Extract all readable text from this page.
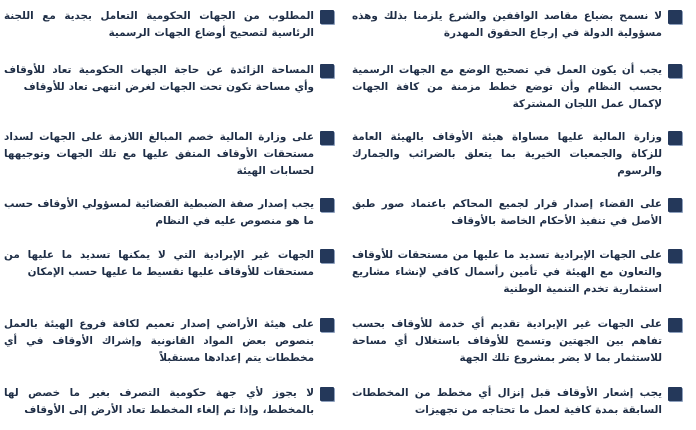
لا نسمح بضياع مقاصد الواقفين والشرع يلزمنا بذلك وهذه مسؤولية الدولة في إرجاع الحقوق المهدرة
يجب أن يكون العمل في تصحيح الوضع مع الجهات الرسمية بحسب النظام وأن توضع خطط مزمنة من كافة الجهات لإكمال عمل اللجان المشتركة
وزارة المالية عليها مساواة هيئة الأوقاف بالهيئة العامة للزكاة والجمعيات الخيرية بما يتعلق بالضرائب والجمارك والرسوم
على القضاء إصدار قرار لجميع المحاكم باعتماد صور طبق الأصل في تنفيذ الأحكام الخاصة بالأوقاف
على الجهات الإيرادية تسديد ما عليها من مستحقات للأوقاف والتعاون مع الهيئة في تأمين رأسمال كافي لإنشاء مشاريع استثمارية تخدم التنمية الوطنية
على الجهات غير الإيرادية تقديم أي خدمة للأوقاف بحسب تفاهم بين الجهتين وتسمح للأوقاف باستغلال أي مساحة للاستثمار بما لا يضر بمشروع تلك الجهة
يجب إشعار الأوقاف قبل إنزال أي مخطط من المخططات السابقة بمدة كافية لعمل ما تحتاجه من تجهيزات
المطلوب من الجهات الحكومية التعامل بجدية مع اللجنة الرئاسية لتصحيح أوضاع الجهات الرسمية
المساحة الزائدة عن حاجة الجهات الحكومية تعاد للأوقاف وأي مساحة تكون تحت الجهات لغرض انتهى تعاد للأوقاف
على وزارة المالية خصم المبالغ اللازمة على الجهات لسداد مستحقات الأوقاف المتفق عليها مع تلك الجهات وتوجيهها لحسابات الهيئة
يجب إصدار صفة الضبطية القضائية لمسؤولي الأوقاف حسب ما هو منصوص عليه في النظام
الجهات غير الإيرادية التي لا يمكنها تسديد ما عليها من مستحقات للأوقاف عليها تقسيط ما عليها حسب الإمكان
على هيئة الأراضي إصدار تعميم لكافة فروع الهيئة بالعمل بنصوص بعض المواد القانونية وإشراك الأوقاف في أي مخططات يتم إعدادها مستقبلاً
لا يجوز لأي جهة حكومية التصرف بغير ما خصص لها بالمخطط، وإذا تم إلغاء المخطط تعاد الأرض إلى الأوقاف
